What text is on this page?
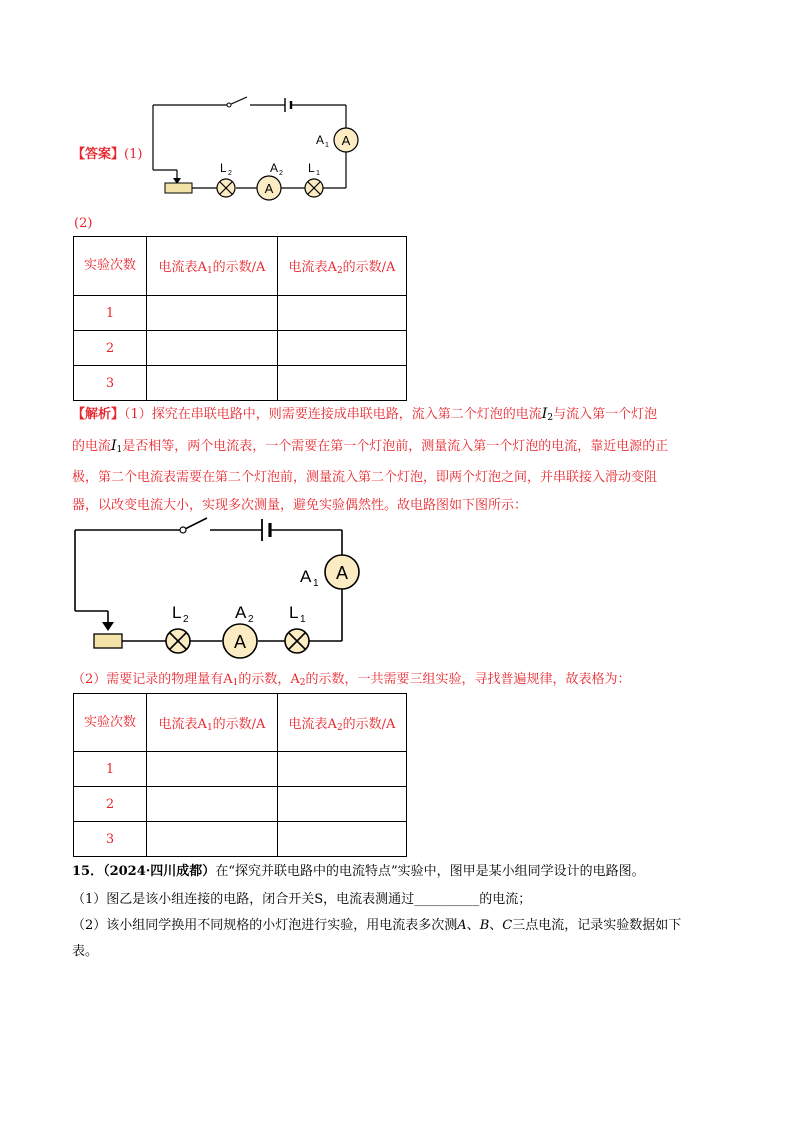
【答案】(1)
A
A 1
L 2
A
A 2 L 1
(2)
实验次数	电流表$A_1$的示数/A	电流表$A_2$的示数/A
1		
2		
3		
【解析】（1）探究在串联电路中，则需要连接成串联电路，流入第二个灯泡的电流$I_2$与流入第一个灯泡
的电流$I_1$是否相等，两个电流表，一个需要在第一个灯泡前，测量流入第一个灯泡的电流，靠近电源的正
极，第二个电流表需要在第二个灯泡前，测量流入第二个灯泡，即两个灯泡之间，并串联接入滑动变阻
器，以改变电流大小，实现多次测量，避免实验偶然性。故电路图如下图所示：
A
A 1
L 2
A
A 2 L 1
（2）需要记录的物理量有$A_1$的示数，$A_2$的示数，一共需要三组实验，寻找普遍规律，故表格为：
实验次数	电流表$A_1$的示数/A	电流表$A_2$的示数/A
1		
2		
3		
15．（2024·四川成都）在“探究并联电路中的电流特点”实验中，图甲是某小组同学设计的电路图。
（1）图乙是该小组连接的电路，闭合开关S，电流表测通过__________的电流；
（2）该小组同学换用不同规格的小灯泡进行实验，用电流表多次测A、B、C三点电流，记录实验数据如下
表。
